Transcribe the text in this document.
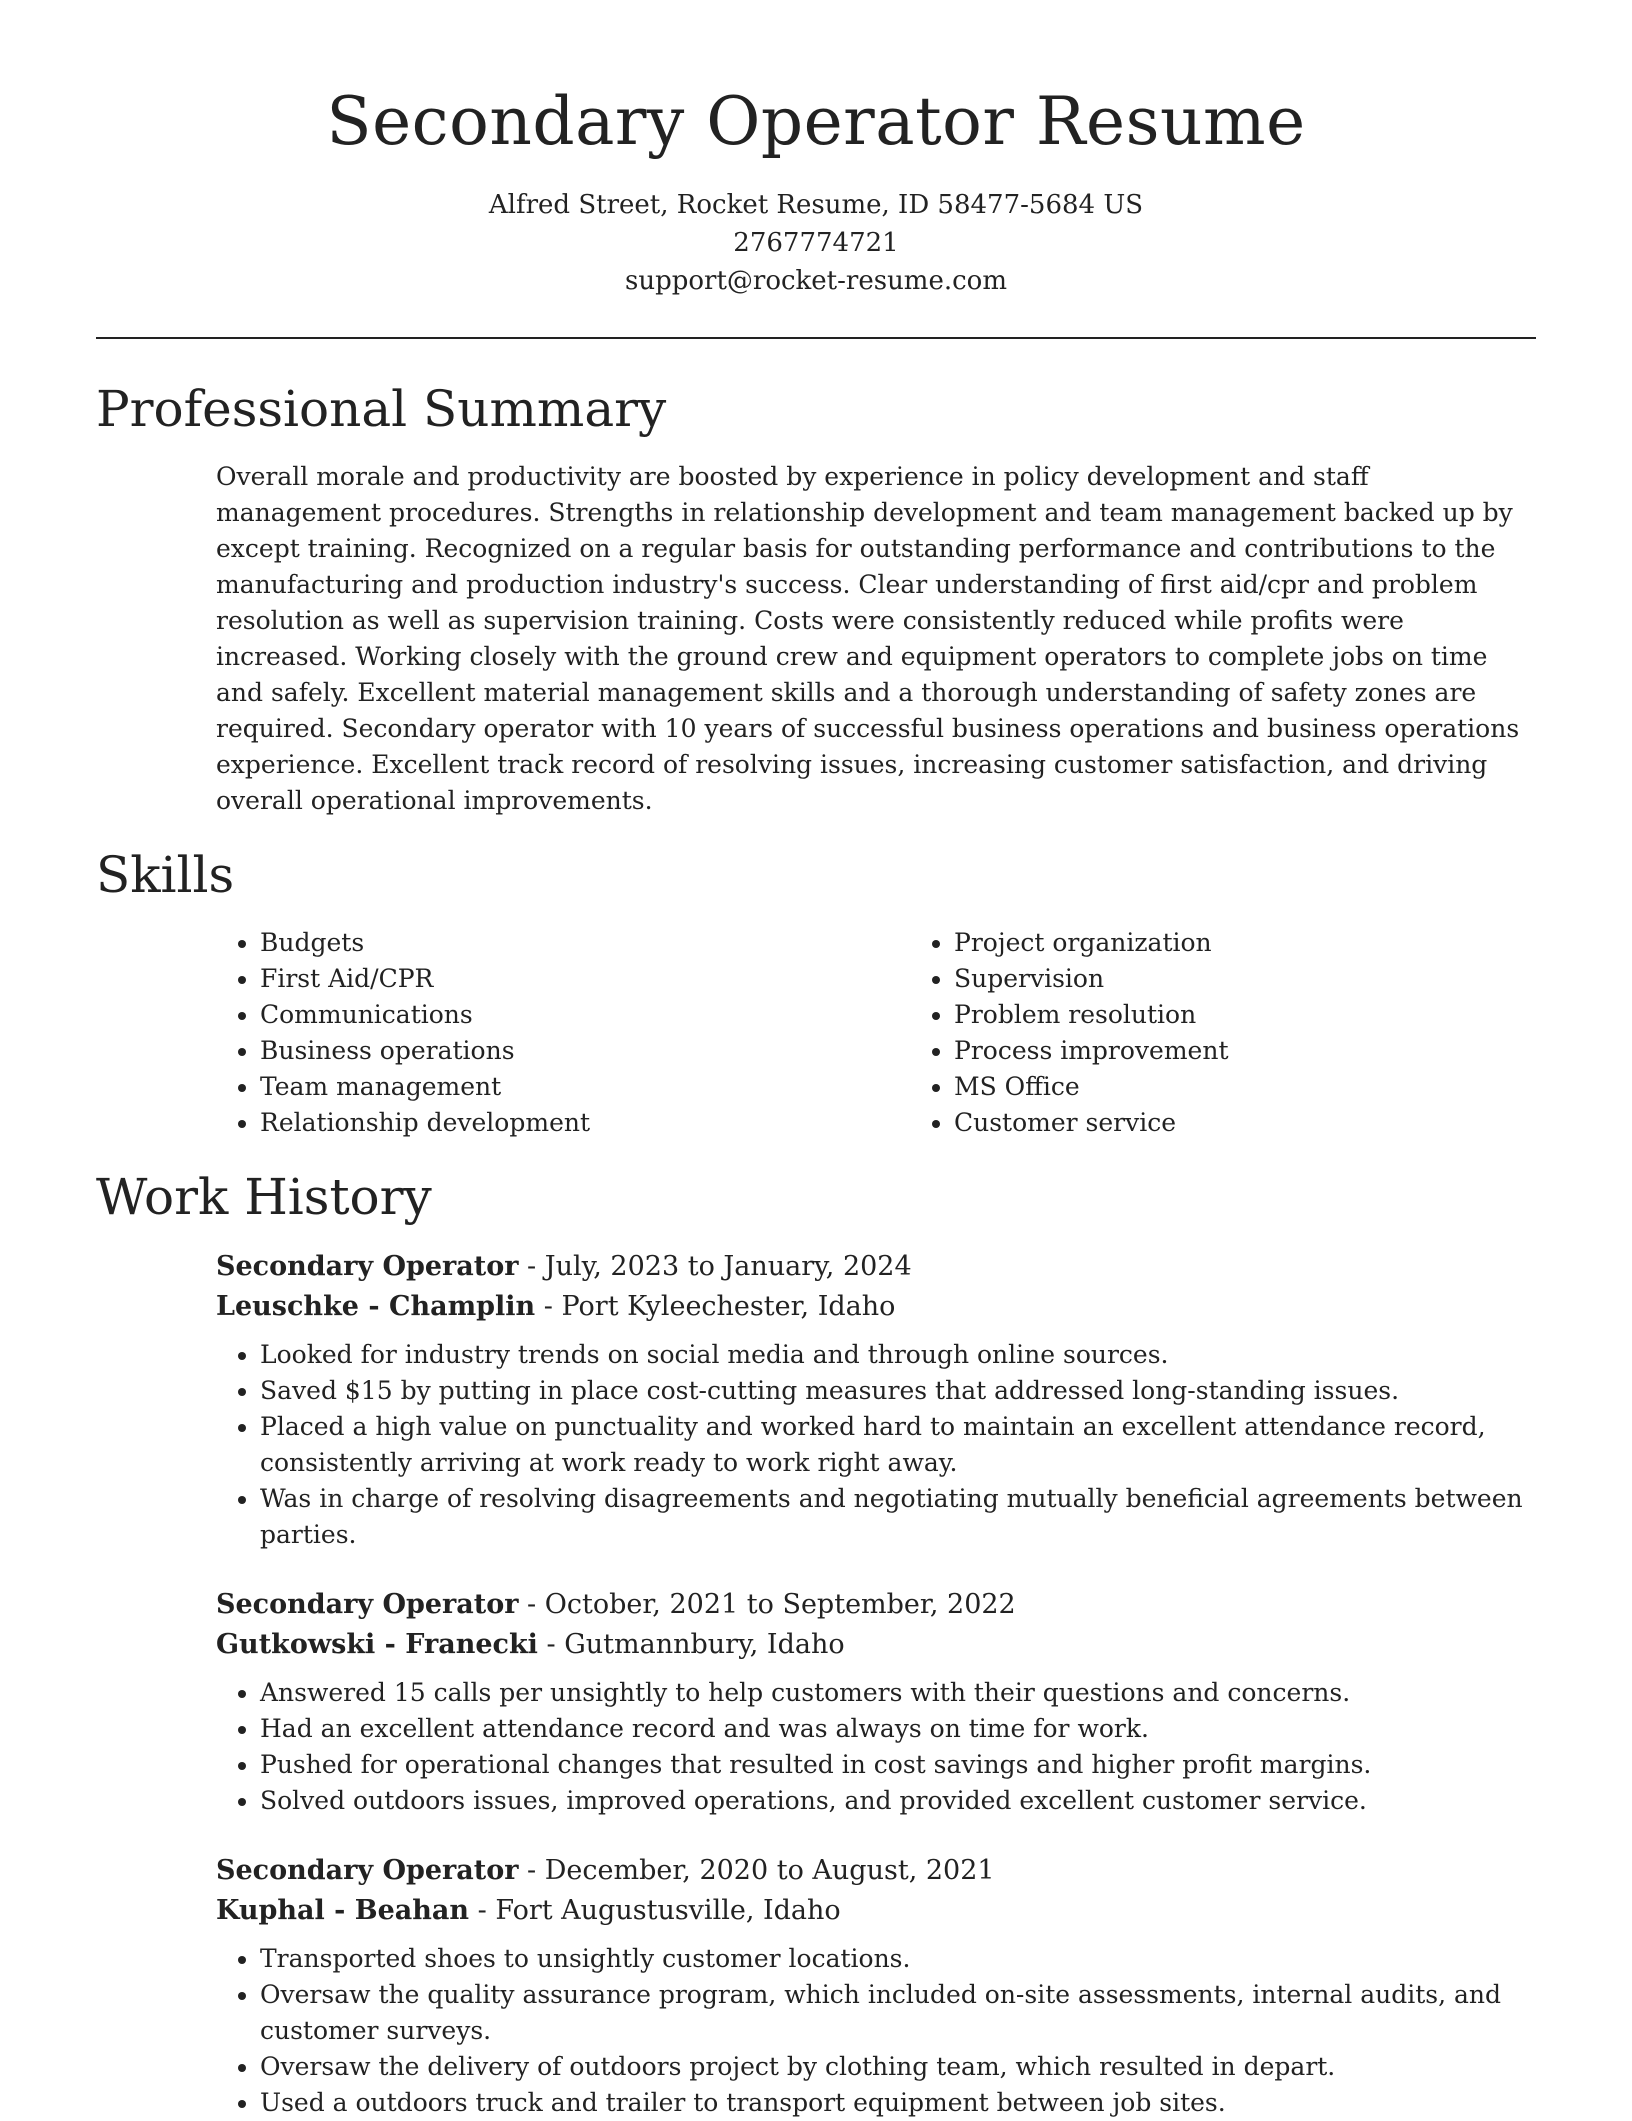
Secondary Operator Resume
Alfred Street, Rocket Resume, ID 58477-5684 US
2767774721
support@rocket-resume.com
Professional Summary
Overall morale and productivity are boosted by experience in policy development and staff management procedures. Strengths in relationship development and team management backed up by except training. Recognized on a regular basis for outstanding performance and contributions to the manufacturing and production industry's success. Clear understanding of first aid/cpr and problem resolution as well as supervision training. Costs were consistently reduced while profits were increased. Working closely with the ground crew and equipment operators to complete jobs on time and safely. Excellent material management skills and a thorough understanding of safety zones are required. Secondary operator with 10 years of successful business operations and business operations experience. Excellent track record of resolving issues, increasing customer satisfaction, and driving overall operational improvements.
Skills
• Budgets
• First Aid/CPR
• Communications
• Business operations
• Team management
• Relationship development
• Project organization
• Supervision
• Problem resolution
• Process improvement
• MS Office
• Customer service
Work History
Secondary Operator - July, 2023 to January, 2024
Leuschke - Champlin - Port Kyleechester, Idaho
• Looked for industry trends on social media and through online sources.
• Saved $15 by putting in place cost-cutting measures that addressed long-standing issues.
• Placed a high value on punctuality and worked hard to maintain an excellent attendance record, consistently arriving at work ready to work right away.
• Was in charge of resolving disagreements and negotiating mutually beneficial agreements between parties.
Secondary Operator - October, 2021 to September, 2022
Gutkowski - Franecki - Gutmannbury, Idaho
• Answered 15 calls per unsightly to help customers with their questions and concerns.
• Had an excellent attendance record and was always on time for work.
• Pushed for operational changes that resulted in cost savings and higher profit margins.
• Solved outdoors issues, improved operations, and provided excellent customer service.
Secondary Operator - December, 2020 to August, 2021
Kuphal - Beahan - Fort Augustusville, Idaho
• Transported shoes to unsightly customer locations.
• Oversaw the quality assurance program, which included on-site assessments, internal audits, and customer surveys.
• Oversaw the delivery of outdoors project by clothing team, which resulted in depart.
• Used a outdoors truck and trailer to transport equipment between job sites.
